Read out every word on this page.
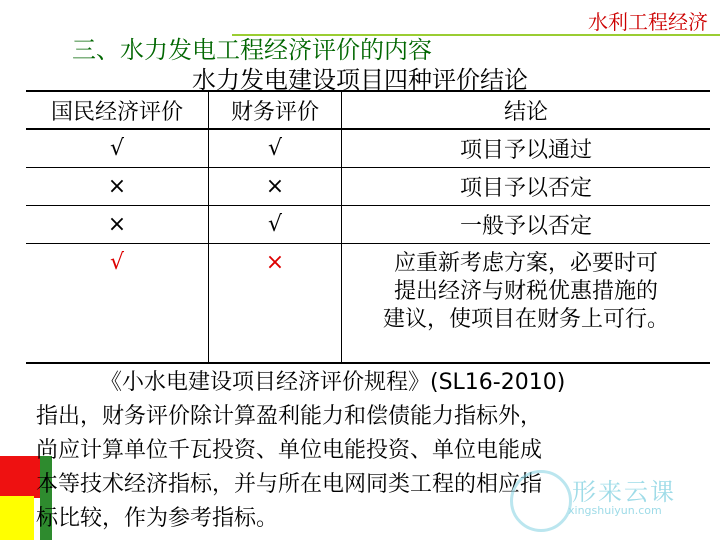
水利工程经济
三、水力发电工程经济评价的内容
水力发电建设项目四种评价结论
国民经济评价	财务评价	结论
√	√	项目予以通过
×	×	项目予以否定
×	√	一般予以否定
√	×	应重新考虑方案，必要时可
提出经济与财税优惠措施的
建议，使项目在财务上可行。
《小水电建设项目经济评价规程》(SL16-2010)
指出，财务评价除计算盈利能力和偿债能力指标外，
尚应计算单位千瓦投资、单位电能投资、单位电能成
本等技术经济指标，并与所在电网同类工程的相应指
标比较，作为参考指标。
形来云课
xingshuiyun.com
